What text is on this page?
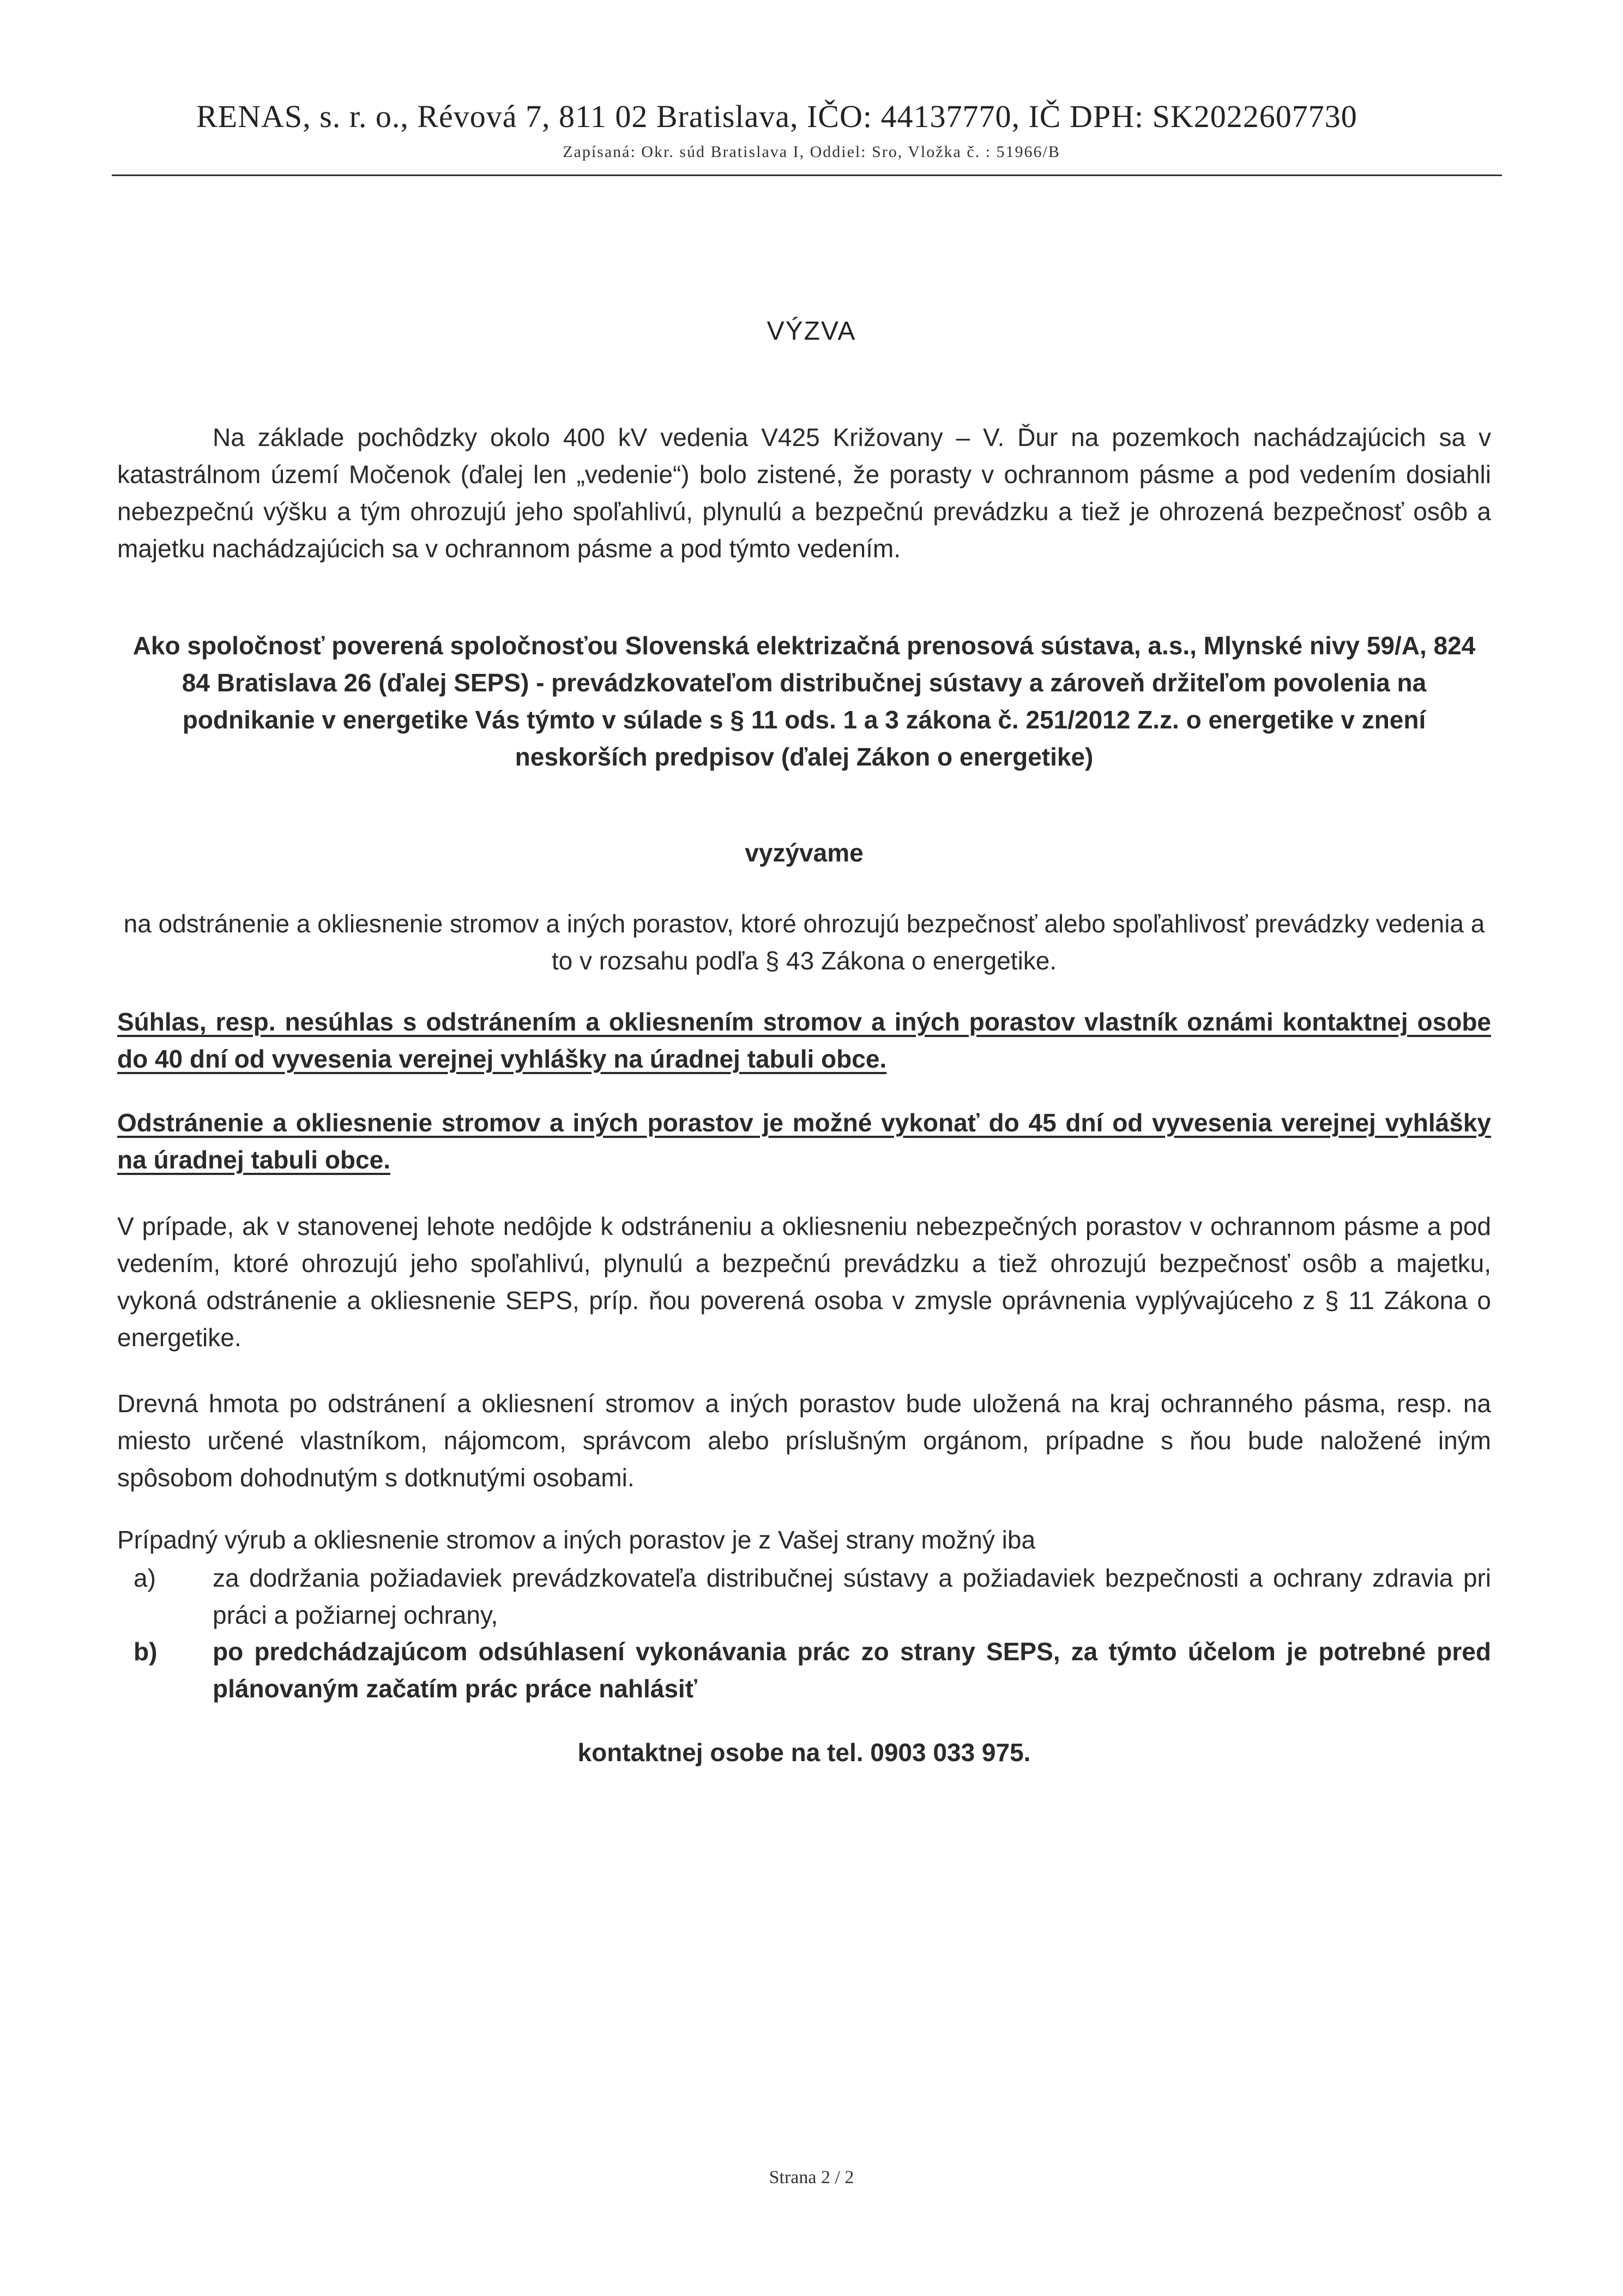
RENAS, s. r. o., Révová 7, 811 02 Bratislava, IČO: 44137770, IČ DPH: SK2022607730
Zapísaná: Okr. súd Bratislava I, Oddiel: Sro, Vložka č. : 51966/B
VÝZVA

Na základe pochôdzky okolo 400 kV vedenia V425 Križovany – V. Ďur na pozemkoch nachádzajúcich sa v katastrálnom území Močenok (ďalej len „vedenie“) bolo zistené, že porasty v ochrannom pásme a pod vedením dosiahli nebezpečnú výšku a tým ohrozujú jeho spoľahlivú, plynulú a bezpečnú prevádzku a tiež je ohrozená bezpečnosť osôb a majetku nachádzajúcich sa v ochrannom pásme a pod týmto vedením.

Ako spoločnosť poverená spoločnosťou Slovenská elektrizačná prenosová sústava, a.s., Mlynské nivy 59/A, 824 84 Bratislava 26 (ďalej SEPS) - prevádzkovateľom distribučnej sústavy a zároveň držiteľom povolenia na podnikanie v energetike Vás týmto v súlade s § 11 ods. 1 a 3 zákona č. 251/2012 Z.z. o energetike v znení neskorších predpisov (ďalej Zákon o energetike)

vyzývame

na odstránenie a okliesnenie stromov a iných porastov, ktoré ohrozujú bezpečnosť alebo spoľahlivosť prevádzky vedenia a to v rozsahu podľa § 43 Zákona o energetike.

Súhlas, resp. nesúhlas s odstránením a okliesnením stromov a iných porastov vlastník oznámi kontaktnej osobe do 40 dní od vyvesenia verejnej vyhlášky na úradnej tabuli obce.

Odstránenie a okliesnenie stromov a iných porastov je možné vykonať do 45 dní od vyvesenia verejnej vyhlášky na úradnej tabuli obce.

V prípade, ak v stanovenej lehote nedôjde k odstráneniu a okliesneniu nebezpečných porastov v ochrannom pásme a pod vedením, ktoré ohrozujú jeho spoľahlivú, plynulú a bezpečnú prevádzku a tiež ohrozujú bezpečnosť osôb a majetku, vykoná odstránenie a okliesnenie SEPS, príp. ňou poverená osoba v zmysle oprávnenia vyplývajúceho z § 11 Zákona o energetike.

Drevná hmota po odstránení a okliesnení stromov a iných porastov bude uložená na kraj ochranného pásma, resp. na miesto určené vlastníkom, nájomcom, správcom alebo príslušným orgánom, prípadne s ňou bude naložené iným spôsobom dohodnutým s dotknutými osobami.

Prípadný výrub a okliesnenie stromov a iných porastov je z Vašej strany možný iba

a)	za dodržania požiadaviek prevádzkovateľa distribučnej sústavy a požiadaviek bezpečnosti a ochrany zdravia pri práci a požiarnej ochrany,
b)	po predchádzajúcom odsúhlasení vykonávania prác zo strany SEPS, za týmto účelom je potrebné pred plánovaným začatím prác práce nahlásiť

kontaktnej osobe na tel. 0903 033 975.

Strana 2 / 2
